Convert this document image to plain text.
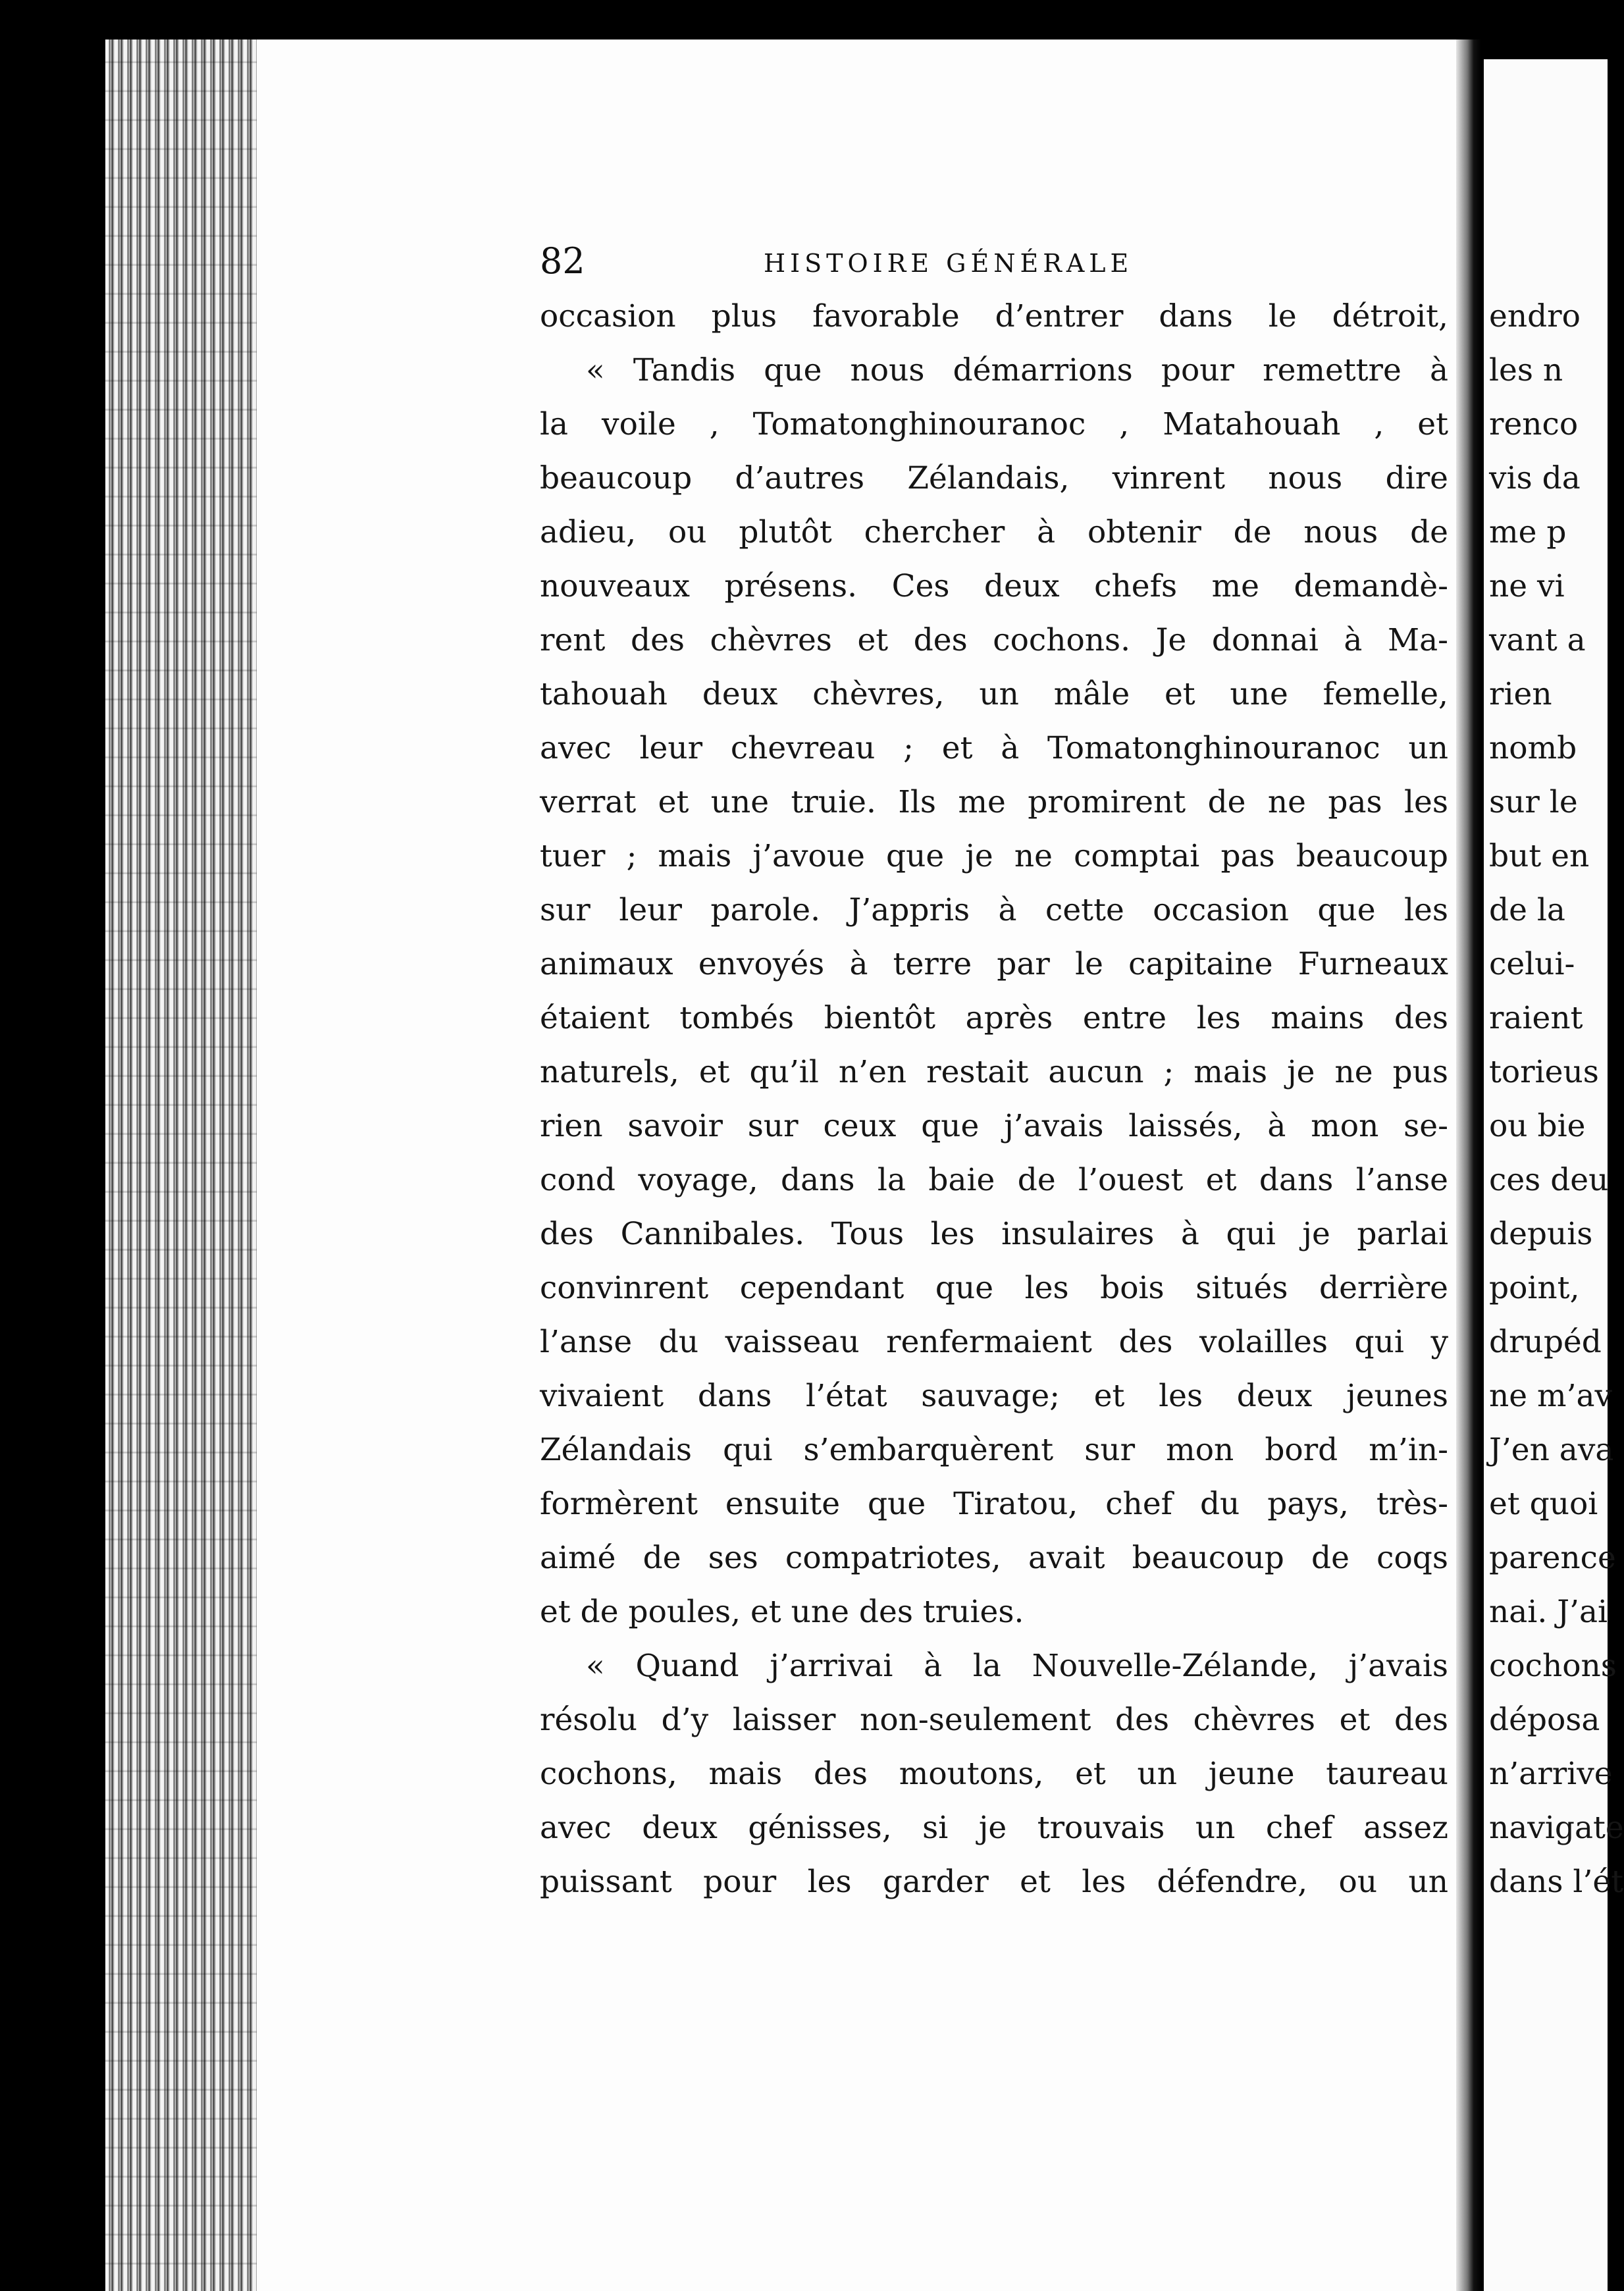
82	HISTOIRE GÉNÉRALE
occasion plus favorable d’entrer dans le détroit,
« Tandis que nous démarrions pour remettre à
la voile , Tomatonghinouranoc , Matahouah , et
beaucoup d’autres Zélandais, vinrent nous dire
adieu, ou plutôt chercher à obtenir de nous de
nouveaux présens. Ces deux chefs me demandè-
rent des chèvres et des cochons. Je donnai à Ma-
tahouah deux chèvres, un mâle et une femelle,
avec leur chevreau ; et à Tomatonghinouranoc un
verrat et une truie. Ils me promirent de ne pas les
tuer ; mais j’avoue que je ne comptai pas beaucoup
sur leur parole. J’appris à cette occasion que les
animaux envoyés à terre par le capitaine Furneaux
étaient tombés bientôt après entre les mains des
naturels, et qu’il n’en restait aucun ; mais je ne pus
rien savoir sur ceux que j’avais laissés, à mon se-
cond voyage, dans la baie de l’ouest et dans l’anse
des Cannibales. Tous les insulaires à qui je parlai
convinrent cependant que les bois situés derrière
l’anse du vaisseau renfermaient des volailles qui y
vivaient dans l’état sauvage; et les deux jeunes
Zélandais qui s’embarquèrent sur mon bord m’in-
formèrent ensuite que Tiratou, chef du pays, très-
aimé de ses compatriotes, avait beaucoup de coqs
et de poules, et une des truies.
« Quand j’arrivai à la Nouvelle-Zélande, j’avais
résolu d’y laisser non-seulement des chèvres et des
cochons, mais des moutons, et un jeune taureau
avec deux génisses, si je trouvais un chef assez
puissant pour les garder et les défendre, ou un
endro
les n
renco
vis da
me p
ne vi
vant a
rien
nomb
sur le
but en
de la
celui-
raient
torieus
ou bie
ces deu
depuis
point,
drupéd
ne m’av
J’en ava
et quoi
parence
nai. J’ai
cochons
déposa
n’arrive
navigate
dans l’ét
